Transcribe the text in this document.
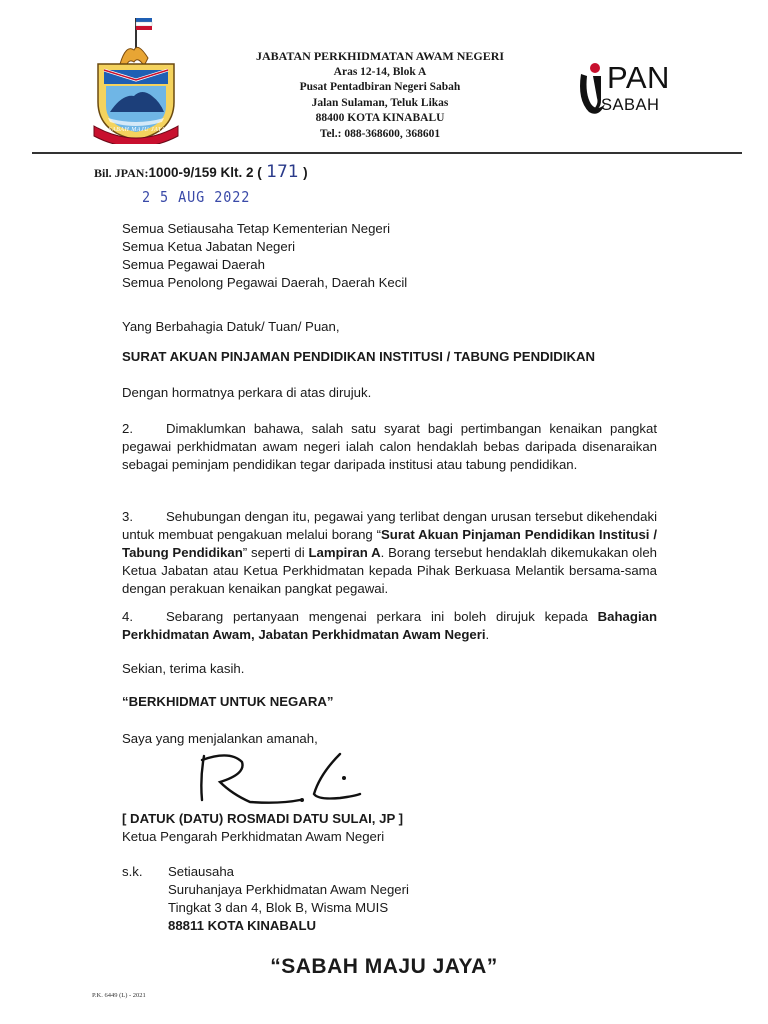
SABAH MAJU JAYA
JABATAN PERKHIDMATAN AWAM NEGERI
Aras 12-14, Blok A
Pusat Pentadbiran Negeri Sabah
Jalan Sulaman, Teluk Likas
88400 KOTA KINABALU
Tel.: 088-368600, 368601
PAN
SABAH
Bil. JPAN:1000-9/159 Klt. 2 ( 171 )
2 5 AUG 2022
Semua Setiausaha Tetap Kementerian Negeri
Semua Ketua Jabatan Negeri
Semua Pegawai Daerah
Semua Penolong Pegawai Daerah, Daerah Kecil
Yang Berbahagia Datuk/ Tuan/ Puan,
SURAT AKUAN PINJAMAN PENDIDIKAN INSTITUSI / TABUNG PENDIDIKAN
Dengan hormatnya perkara di atas dirujuk.
2.	Dimaklumkan bahawa, salah satu syarat bagi pertimbangan kenaikan pangkat pegawai perkhidmatan awam negeri ialah calon hendaklah bebas daripada disenaraikan sebagai peminjam pendidikan tegar daripada institusi atau tabung pendidikan.
3.	Sehubungan dengan itu, pegawai yang terlibat dengan urusan tersebut dikehendaki untuk membuat pengakuan melalui borang “Surat Akuan Pinjaman Pendidikan Institusi / Tabung Pendidikan” seperti di Lampiran A. Borang tersebut hendaklah dikemukakan oleh Ketua Jabatan atau Ketua Perkhidmatan kepada Pihak Berkuasa Melantik bersama-sama dengan perakuan kenaikan pangkat pegawai.
4.	Sebarang pertanyaan mengenai perkara ini boleh dirujuk kepada Bahagian Perkhidmatan Awam, Jabatan Perkhidmatan Awam Negeri.
Sekian, terima kasih.
“BERKHIDMAT UNTUK NEGARA”
Saya yang menjalankan amanah,
[ DATUK (DATU) ROSMADI DATU SULAI, JP ]
Ketua Pengarah Perkhidmatan Awam Negeri
s.k. Setiausaha
Suruhanjaya Perkhidmatan Awam Negeri
Tingkat 3 dan 4, Blok B, Wisma MUIS
88811 KOTA KINABALU
“SABAH MAJU JAYA”
P.K. 6449 (L) - 2021
